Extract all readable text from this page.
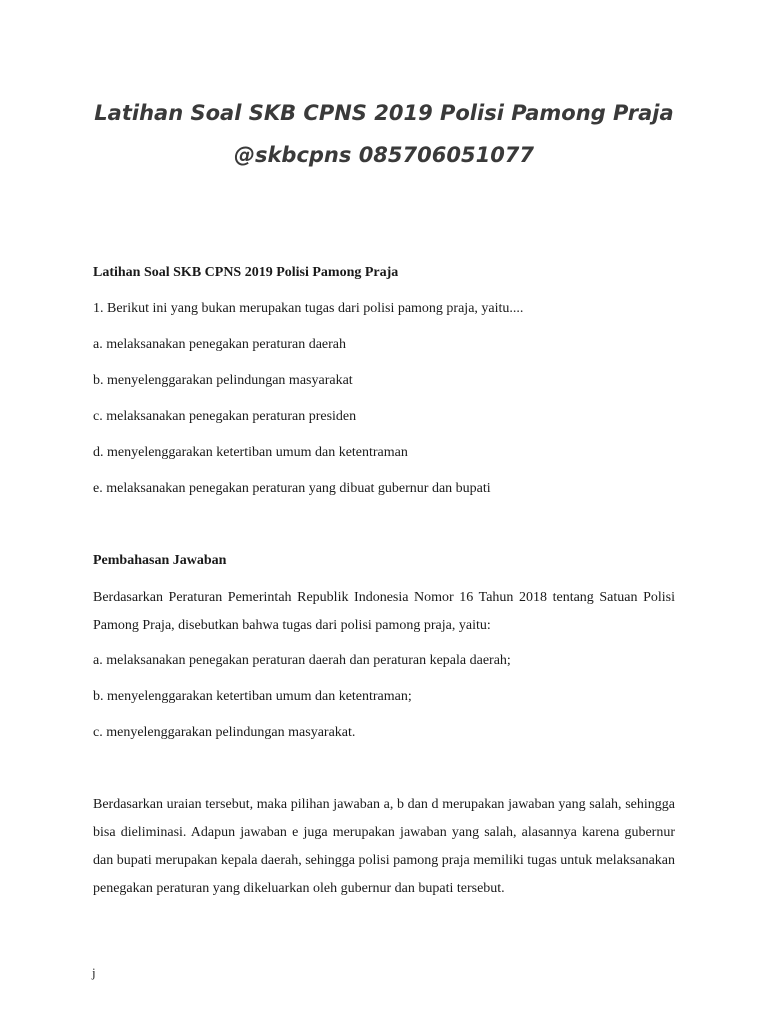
Latihan Soal SKB CPNS 2019 Polisi Pamong Praja
@skbcpns 085706051077

Latihan Soal SKB CPNS 2019 Polisi Pamong Praja

1. Berikut ini yang bukan merupakan tugas dari polisi pamong praja, yaitu....

a. melaksanakan penegakan peraturan daerah

b. menyelenggarakan pelindungan masyarakat

c. melaksanakan penegakan peraturan presiden

d. menyelenggarakan ketertiban umum dan ketentraman

e. melaksanakan penegakan peraturan yang dibuat gubernur dan bupati

Pembahasan Jawaban

Berdasarkan Peraturan Pemerintah Republik Indonesia Nomor 16 Tahun 2018 tentang Satuan Polisi Pamong Praja, disebutkan bahwa tugas dari polisi pamong praja, yaitu:

a. melaksanakan penegakan peraturan daerah dan peraturan kepala daerah;

b. menyelenggarakan ketertiban umum dan ketentraman;

c. menyelenggarakan pelindungan masyarakat.

Berdasarkan uraian tersebut, maka pilihan jawaban a, b dan d merupakan jawaban yang salah, sehingga bisa dieliminasi. Adapun jawaban e juga merupakan jawaban yang salah, alasannya karena gubernur dan bupati merupakan kepala daerah, sehingga polisi pamong praja memiliki tugas untuk melaksanakan penegakan peraturan yang dikeluarkan oleh gubernur dan bupati tersebut.

j
